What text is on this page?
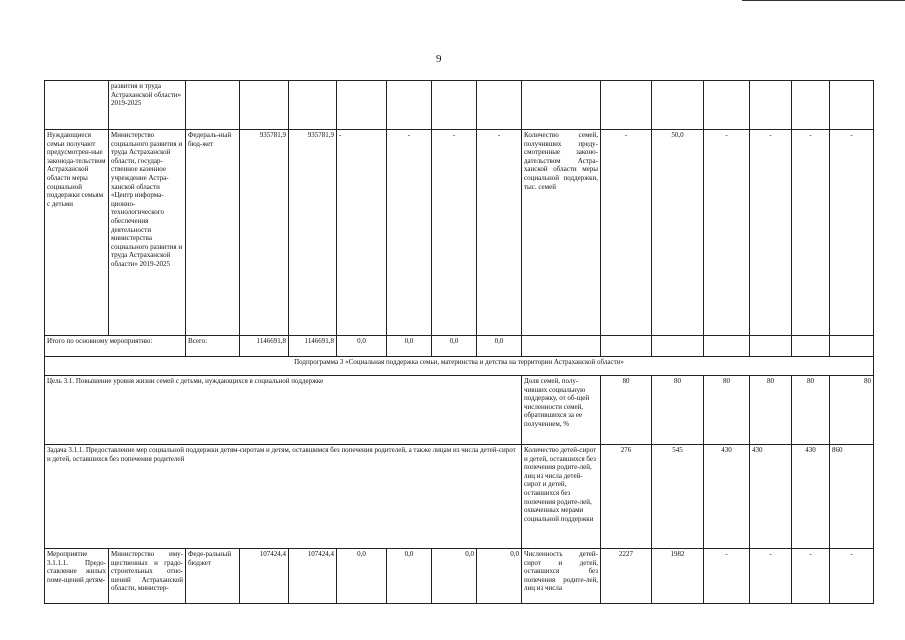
9
	развития и труда Астраханской области» 2019-2025														
Нуждающиеся семьи получают предусмотрен-ные законода-тельством Астраханской области меры социальной поддержки семьям с детьми	Министерство социального развития и труда Астраханской области, государ-ственное казенное учреждение Астра-ханской области «Центр информа-ционно-технологического обеспечения деятельности министерства социального развития и труда Астраханской области» 2019-2025	Федераль-ный бюд-жет	935781,9	935781,9	-	-	-	-	Количество семей, получивших преду-смотренные законо-дательством Астра-ханской области меры социальной поддержки, тыс. семей	-	50,0	-	-	-	-
Итого по основному мероприятию:		Всего:	1146691,8	1146691,8	0,0	0,0	0,0	0,0							
Подпрограмма 3 «Социальная поддержка семьи, материнства и детства на территории Астраханской области»															
Цель 3.1. Повышение уровня жизни семей с детьми, нуждающихся в социальной поддержке									Доля семей, полу-чивших социальную поддержку, от об-щей численности семей, обратившихся за ее получением, %	80	80	80	80	80	80
Задача 3.1.1. Предоставление мер социальной поддержки детям-сиротам и детям, оставшимся без попечения родителей, а также лицам из числа детей-сирот и детей, оставшихся без попечения родителей									Количество детей-сирот и детей, оставшихся без попечения родите-лей, лиц из числа детей-сирот и детей, оставшихся без попечения родите-лей, охваченных мерами социальной поддержки	276	545	430	430	430	860
Мероприятие 3.1.1.1. Предо-ставление жилых поме-щений детям-	Министерство иму-щественных и градо-строительных отно-шений Астраханской области, министер-	Феде-ральный бюджет	107424,4	107424,4	0,0	0,0	0,0	0,0	Численность детей-сирот и детей, оставшихся без попечения родите-лей, лиц из числа	2227	1982	-	-	-	-
